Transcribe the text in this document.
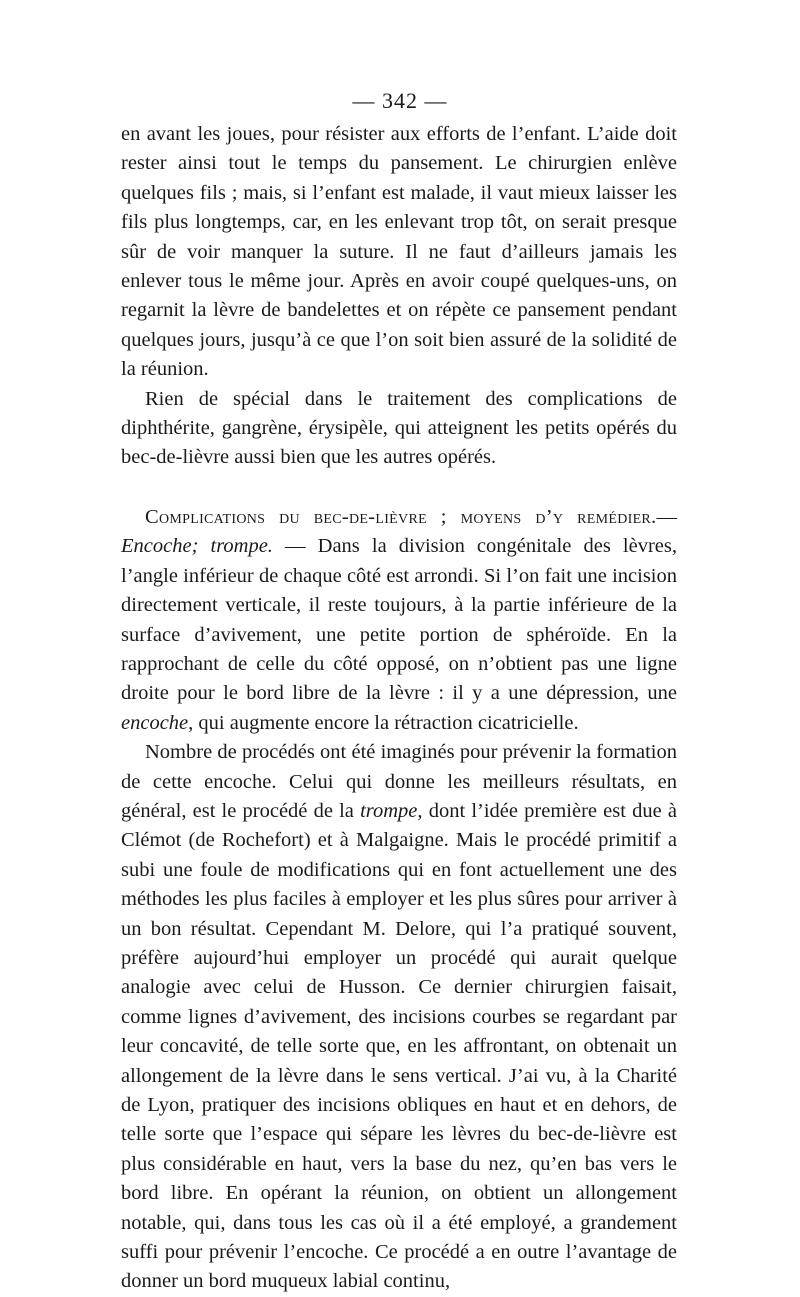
— 342 —

en avant les joues, pour résister aux efforts de l’enfant. L’aide doit rester ainsi tout le temps du pansement. Le chirurgien enlève quelques fils ; mais, si l’enfant est malade, il vaut mieux laisser les fils plus longtemps, car, en les enlevant trop tôt, on serait presque sûr de voir manquer la suture. Il ne faut d’ailleurs jamais les enlever tous le même jour. Après en avoir coupé quelques-uns, on regarnit la lèvre de bandelettes et on répète ce pansement pendant quelques jours, jusqu’à ce que l’on soit bien assuré de la solidité de la réunion.

Rien de spécial dans le traitement des complications de diphthérite, gangrène, érysipèle, qui atteignent les petits opérés du bec-de-lièvre aussi bien que les autres opérés.

Complications du bec-de-lièvre ; moyens d’y remédier.— Encoche; trompe. — Dans la division congénitale des lèvres, l’angle inférieur de chaque côté est arrondi. Si l’on fait une incision directement verticale, il reste toujours, à la partie inférieure de la surface d’avivement, une petite portion de sphéroïde. En la rapprochant de celle du côté opposé, on n’obtient pas une ligne droite pour le bord libre de la lèvre : il y a une dépression, une encoche, qui augmente encore la rétraction cicatricielle.

Nombre de procédés ont été imaginés pour prévenir la formation de cette encoche. Celui qui donne les meilleurs résultats, en général, est le procédé de la trompe, dont l’idée première est due à Clémot (de Rochefort) et à Malgaigne. Mais le procédé primitif a subi une foule de modifications qui en font actuellement une des méthodes les plus faciles à employer et les plus sûres pour arriver à un bon résultat. Cependant M. Delore, qui l’a pratiqué souvent, préfère aujourd’hui employer un procédé qui aurait quelque analogie avec celui de Husson. Ce dernier chirurgien faisait, comme lignes d’avivement, des incisions courbes se regardant par leur concavité, de telle sorte que, en les affrontant, on obtenait un allongement de la lèvre dans le sens vertical. J’ai vu, à la Charité de Lyon, pratiquer des incisions obliques en haut et en dehors, de telle sorte que l’espace qui sépare les lèvres du bec-de-lièvre est plus considérable en haut, vers la base du nez, qu’en bas vers le bord libre. En opérant la réunion, on obtient un allongement notable, qui, dans tous les cas où il a été employé, a grandement suffi pour prévenir l’encoche. Ce procédé a en outre l’avantage de donner un bord muqueux labial continu,
